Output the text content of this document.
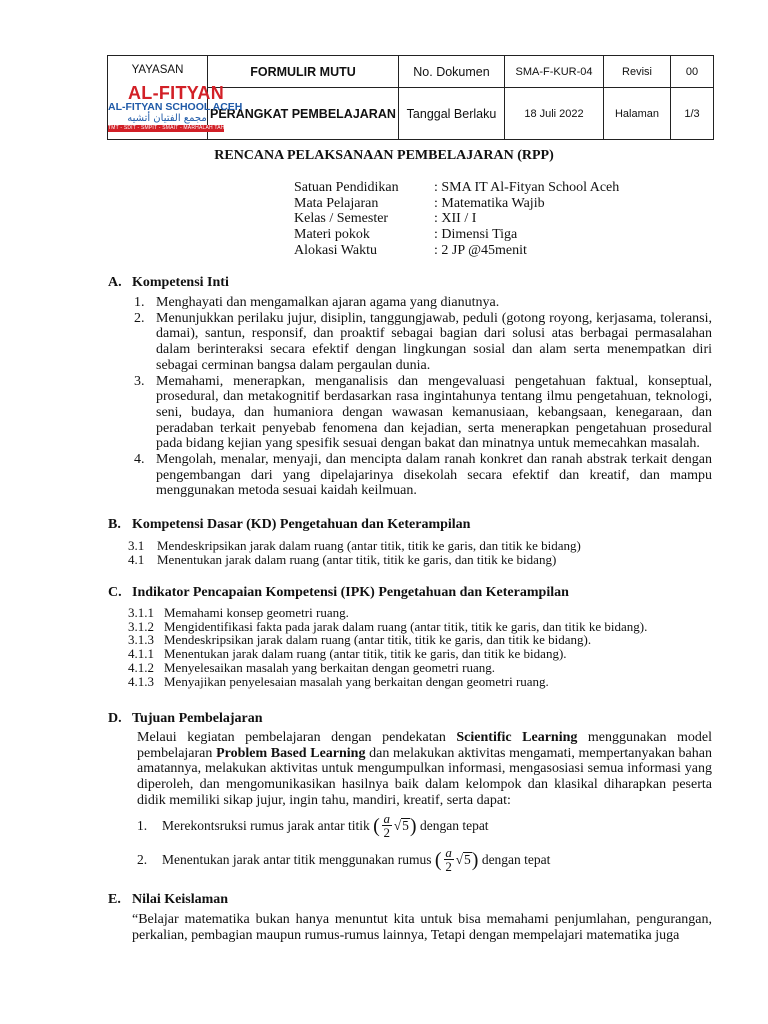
YAYASAN
AL-FITYAN
AL-FITYAN SCHOOL ACEH
مجمع الفتيان أتشيه
TMT - SDIT - SMPIT - SMAIT - MARHALAH TAHFIZH	FORMULIR MUTU	No. Dokumen	SMA-F-KUR-04	Revisi	00
	PERANGKAT PEMBELAJARAN	Tanggal Berlaku	18 Juli 2022	Halaman	1/3
RENCANA PELAKSANAAN PEMBELAJARAN (RPP)
Satuan Pendidikan	: SMA IT Al-Fityan School Aceh
Mata Pelajaran	: Matematika Wajib
Kelas / Semester	: XII / I
Materi pokok	: Dimensi Tiga
Alokasi Waktu	: 2 JP @45menit
A. Kompetensi Inti
1. Menghayati dan mengamalkan ajaran agama yang dianutnya.
2. Menunjukkan perilaku jujur, disiplin, tanggungjawab, peduli (gotong royong, kerjasama, toleransi, damai), santun, responsif, dan proaktif sebagai bagian dari solusi atas berbagai permasalahan dalam berinteraksi secara efektif dengan lingkungan sosial dan alam serta menempatkan diri sebagai cerminan bangsa dalam pergaulan dunia.
3. Memahami, menerapkan, menganalisis dan mengevaluasi pengetahuan faktual, konseptual, prosedural, dan metakognitif berdasarkan rasa ingintahunya tentang ilmu pengetahuan, teknologi, seni, budaya, dan humaniora dengan wawasan kemanusiaan, kebangsaan, kenegaraan, dan peradaban terkait penyebab fenomena dan kejadian, serta menerapkan pengetahuan prosedural pada bidang kejian yang spesifik sesuai dengan bakat dan minatnya untuk memecahkan masalah.
4. Mengolah, menalar, menyaji, dan mencipta dalam ranah konkret dan ranah abstrak terkait dengan pengembangan dari yang dipelajarinya disekolah secara efektif dan kreatif, dan mampu menggunakan metoda sesuai kaidah keilmuan.
B. Kompetensi Dasar (KD) Pengetahuan dan Keterampilan
3.1 Mendeskripsikan jarak dalam ruang (antar titik, titik ke garis, dan titik ke bidang)
4.1 Menentukan jarak dalam ruang (antar titik, titik ke garis, dan titik ke bidang)
C. Indikator Pencapaian Kompetensi (IPK) Pengetahuan dan Keterampilan
3.1.1 Memahami konsep geometri ruang.
3.1.2 Mengidentifikasi fakta pada jarak dalam ruang (antar titik, titik ke garis, dan titik ke bidang).
3.1.3 Mendeskripsikan jarak dalam ruang (antar titik, titik ke garis, dan titik ke bidang).
4.1.1 Menentukan jarak dalam ruang (antar titik, titik ke garis, dan titik ke bidang).
4.1.2 Menyelesaikan masalah yang berkaitan dengan geometri ruang.
4.1.3 Menyajikan penyelesaian masalah yang berkaitan dengan geometri ruang.
D. Tujuan Pembelajaran
Melaui kegiatan pembelajaran dengan pendekatan Scientific Learning menggunakan model pembelajaran Problem Based Learning dan melakukan aktivitas mengamati, mempertanyakan bahan amatannya, melakukan aktivitas untuk mengumpulkan informasi, mengasosiasi semua informasi yang diperoleh, dan mengomunikasikan hasilnya baik dalam kelompok dan klasikal diharapkan peserta didik memiliki sikap jujur, ingin tahu, mandiri, kreatif, serta dapat:
1.	Merekontsruksi rumus jarak antar titik
( $\frac{a}{2}$ √ 5 )
dengan tepat
2.	Menentukan jarak antar titik menggunakan rumus
( $\frac{a}{2}$ √ 5 )
dengan tepat
E. Nilai Keislaman
“Belajar matematika bukan hanya menuntut kita untuk bisa memahami penjumlahan, pengurangan, perkalian, pembagian maupun rumus-rumus lainnya, Tetapi dengan mempelajari matematika juga
